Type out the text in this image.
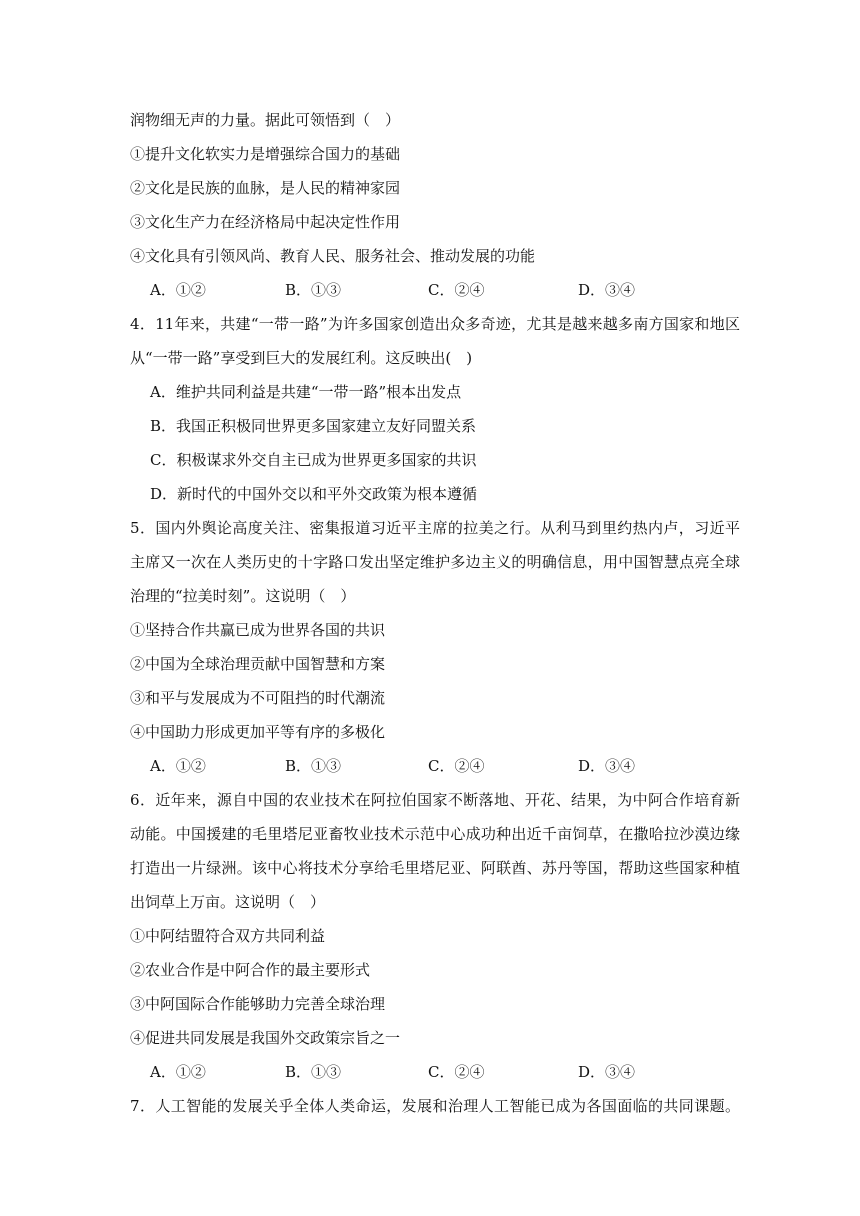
润物细无声的力量。据此可领悟到（　）
①提升文化软实力是增强综合国力的基础
②文化是民族的血脉，是人民的精神家园
③文化生产力在经济格局中起决定性作用
④文化具有引领风尚、教育人民、服务社会、推动发展的功能
A．①②	B．①③	C．②④	D．③④
4．11年来，共建“一带一路”为许多国家创造出众多奇迹，尤其是越来越多南方国家和地区
从“一带一路”享受到巨大的发展红利。这反映出(　)
A．维护共同利益是共建“一带一路”根本出发点
B．我国正积极同世界更多国家建立友好同盟关系
C．积极谋求外交自主已成为世界更多国家的共识
D．新时代的中国外交以和平外交政策为根本遵循
5．国内外舆论高度关注、密集报道习近平主席的拉美之行。从利马到里约热内卢，习近平
主席又一次在人类历史的十字路口发出坚定维护多边主义的明确信息，用中国智慧点亮全球
治理的“拉美时刻”。这说明（　）
①坚持合作共赢已成为世界各国的共识
②中国为全球治理贡献中国智慧和方案
③和平与发展成为不可阻挡的时代潮流
④中国助力形成更加平等有序的多极化
A．①②	B．①③	C．②④	D．③④
6．近年来，源自中国的农业技术在阿拉伯国家不断落地、开花、结果，为中阿合作培育新
动能。中国援建的毛里塔尼亚畜牧业技术示范中心成功种出近千亩饲草，在撒哈拉沙漠边缘
打造出一片绿洲。该中心将技术分享给毛里塔尼亚、阿联酋、苏丹等国，帮助这些国家种植
出饲草上万亩。这说明（　）
①中阿结盟符合双方共同利益
②农业合作是中阿合作的最主要形式
③中阿国际合作能够助力完善全球治理
④促进共同发展是我国外交政策宗旨之一
A．①②	B．①③	C．②④	D．③④
7．人工智能的发展关乎全体人类命运，发展和治理人工智能已成为各国面临的共同课题。
